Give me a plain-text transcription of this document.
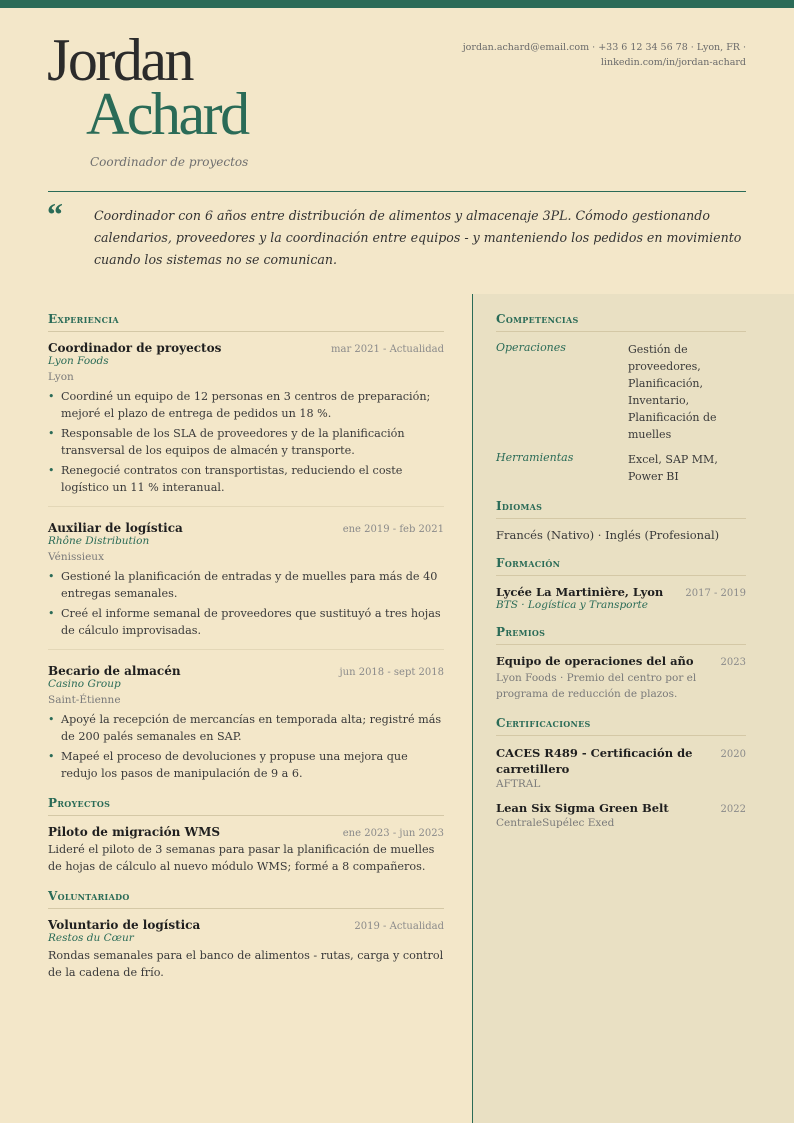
Jordan
Achard
Coordinador de proyectos
jordan.achard@email.com · +33 6 12 34 56 78 · Lyon, FR ·
linkedin.com/in/jordan-achard
“ Coordinador con 6 años entre distribución de alimentos y almacenaje 3PL. Cómodo gestionando calendarios, proveedores y la coordinación entre equipos - y manteniendo los pedidos en movimiento cuando los sistemas no se comunican.
Experiencia
Coordinador de proyectos	mar 2021 - Actualidad
Lyon Foods
Lyon
• Coordiné un equipo de 12 personas en 3 centros de preparación; mejoré el plazo de entrega de pedidos un 18 %.
• Responsable de los SLA de proveedores y de la planificación transversal de los equipos de almacén y transporte.
• Renegocié contratos con transportistas, reduciendo el coste logístico un 11 % interanual.
Auxiliar de logística	ene 2019 - feb 2021
Rhône Distribution
Vénissieux
• Gestioné la planificación de entradas y de muelles para más de 40 entregas semanales.
• Creé el informe semanal de proveedores que sustituyó a tres hojas de cálculo improvisadas.
Becario de almacén	jun 2018 - sept 2018
Casino Group
Saint-Étienne
• Apoyé la recepción de mercancías en temporada alta; registré más de 200 palés semanales en SAP.
• Mapeé el proceso de devoluciones y propuse una mejora que redujo los pasos de manipulación de 9 a 6.
Proyectos
Piloto de migración WMS	ene 2023 - jun 2023
Lideré el piloto de 3 semanas para pasar la planificación de muelles de hojas de cálculo al nuevo módulo WMS; formé a 8 compañeros.
Voluntariado
Voluntario de logística	2019 - Actualidad
Restos du Cœur
Rondas semanales para el banco de alimentos - rutas, carga y control de la cadena de frío.
Competencias
Operaciones	Gestión de proveedores, Planificación, Inventario, Planificación de muelles
Herramientas	Excel, SAP MM, Power BI
Idiomas
Francés (Nativo) · Inglés (Profesional)
Formación
Lycée La Martinière, Lyon 2017 - 2019
BTS · Logística y Transporte
Premios
Equipo de operaciones del año	2023
Lyon Foods · Premio del centro por el programa de reducción de plazos.
Certificaciones
CACES R489 - Certificación de carretillero
2020
AFTRAL
Lean Six Sigma Green Belt	2022
CentraleSupélec Exed
